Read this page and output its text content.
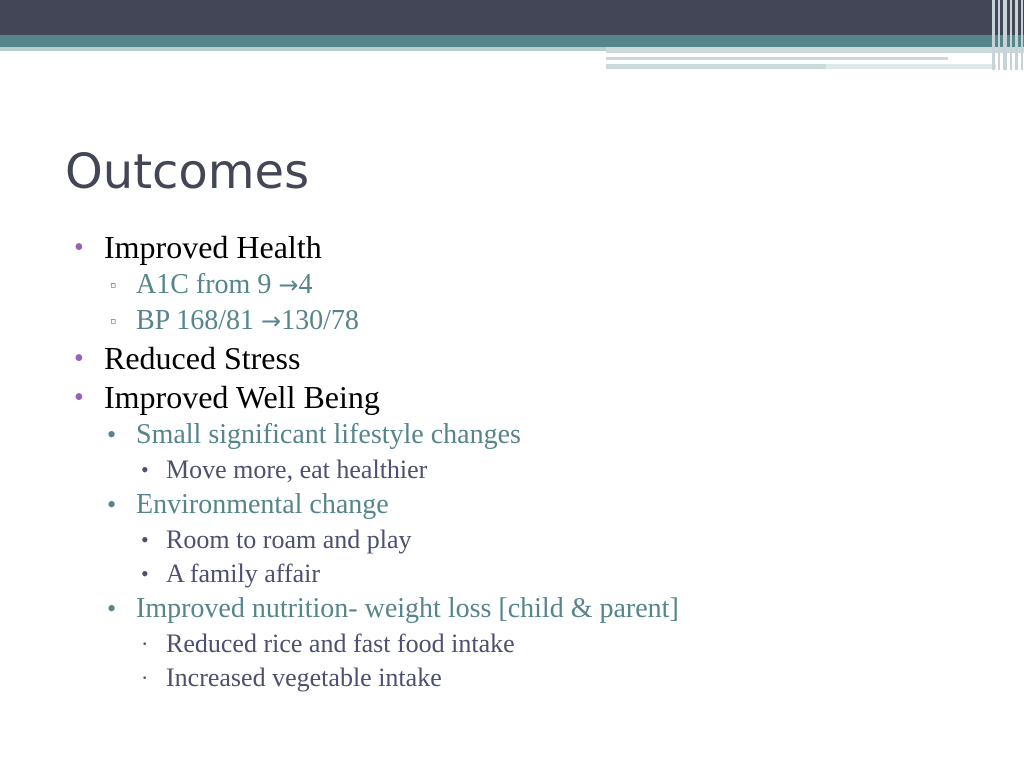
Outcomes
• Improved Health
▫ A1C from 9 →4
▫ BP 168/81 →130/78
• Reduced Stress
• Improved Well Being
• Small significant lifestyle changes
• Move more, eat healthier
• Environmental change
• Room to roam and play
• A family affair
• Improved nutrition- weight loss [child & parent]
· Reduced rice and fast food intake
· Increased vegetable intake
